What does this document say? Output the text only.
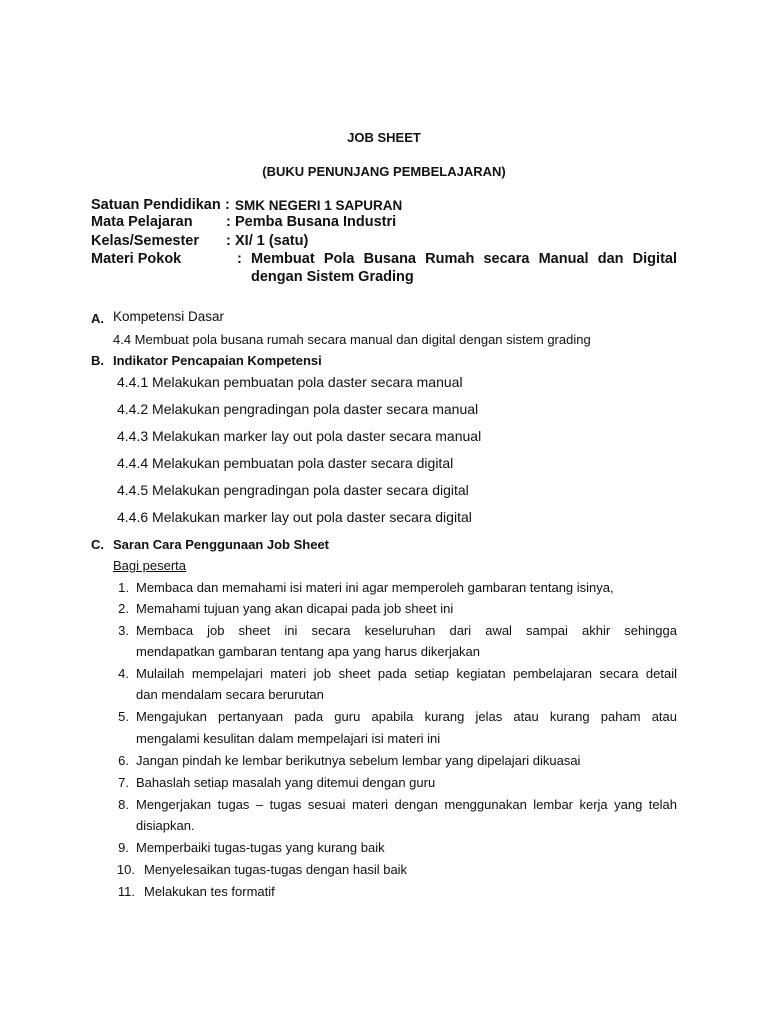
JOB SHEET
(BUKU PENUNJANG PEMBELAJARAN)
Satuan Pendidikan : SMK NEGERI 1 SAPURAN
Mata Pelajaran : Pemba Busana Industri
Kelas/Semester : XI/ 1 (satu)
Materi Pokok	: Membuat Pola Busana Rumah secara Manual dan Digital
dengan Sistem Grading
A. Kompetensi Dasar
4.4 Membuat pola busana rumah secara manual dan digital dengan sistem grading
B. Indikator Pencapaian Kompetensi
4.4.1 Melakukan pembuatan pola daster secara manual
4.4.2 Melakukan pengradingan pola daster secara manual
4.4.3 Melakukan marker lay out pola daster secara manual
4.4.4 Melakukan pembuatan pola daster secara digital
4.4.5 Melakukan pengradingan pola daster secara digital
4.4.6 Melakukan marker lay out pola daster secara digital
C. Saran Cara Penggunaan Job Sheet
Bagi peserta
1. Membaca dan memahami isi materi ini agar memperoleh gambaran tentang isinya,
2. Memahami tujuan yang akan dicapai pada job sheet ini
3. Membaca job sheet ini secara keseluruhan dari awal sampai akhir sehingga
mendapatkan gambaran tentang apa yang harus dikerjakan
4. Mulailah mempelajari materi job sheet pada setiap kegiatan pembelajaran secara detail
dan mendalam secara berurutan
5. Mengajukan pertanyaan pada guru apabila kurang jelas atau kurang paham atau
mengalami kesulitan dalam mempelajari isi materi ini
6. Jangan pindah ke lembar berikutnya sebelum lembar yang dipelajari dikuasai
7. Bahaslah setiap masalah yang ditemui dengan guru
8. Mengerjakan tugas – tugas sesuai materi dengan menggunakan lembar kerja yang telah
disiapkan.
9. Memperbaiki tugas-tugas yang kurang baik
10. Menyelesaikan tugas-tugas dengan hasil baik
11. Melakukan tes formatif
